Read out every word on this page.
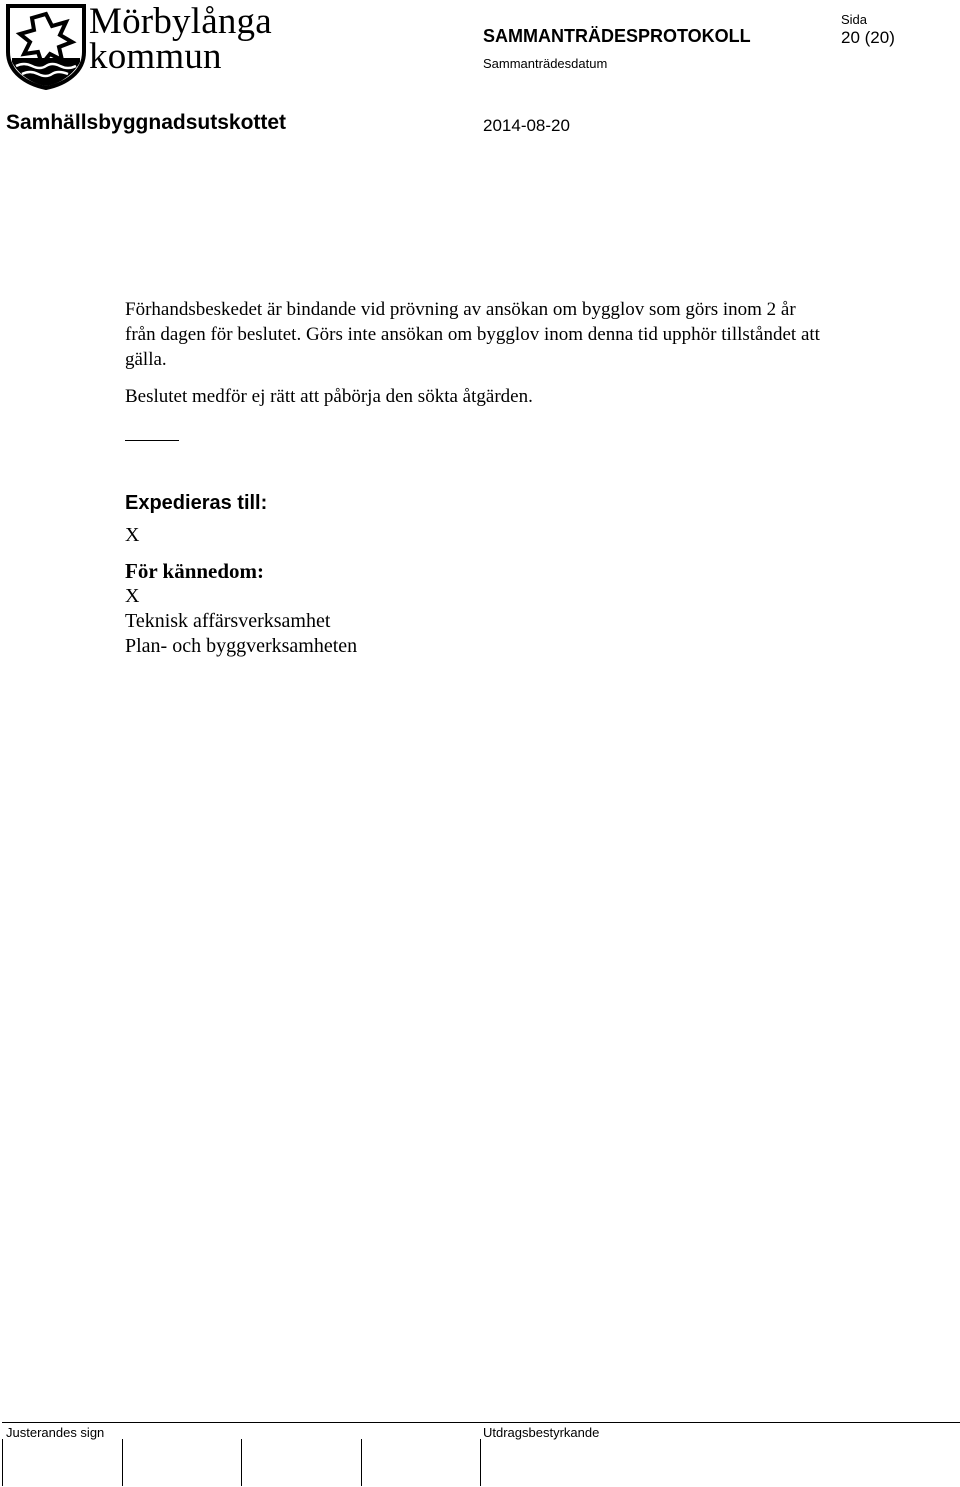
Mörbylånga
kommun	SAMMANTRÄDESPROTOKOLL
Sammanträdesdatum
2014-08-20
Sida
20 (20)
Samhällsbyggnadsutskottet

Förhandsbeskedet är bindande vid prövning av ansökan om bygglov som görs inom 2 år från dagen för beslutet. Görs inte ansökan om bygglov inom denna tid upphör tillståndet att gälla.

Beslutet medför ej rätt att påbörja den sökta åtgärden.

Expedieras till:
X
För kännedom:
X
Teknisk affärsverksamhet
Plan- och byggverksamheten
Justerandes sign	Utdragsbestyrkande
